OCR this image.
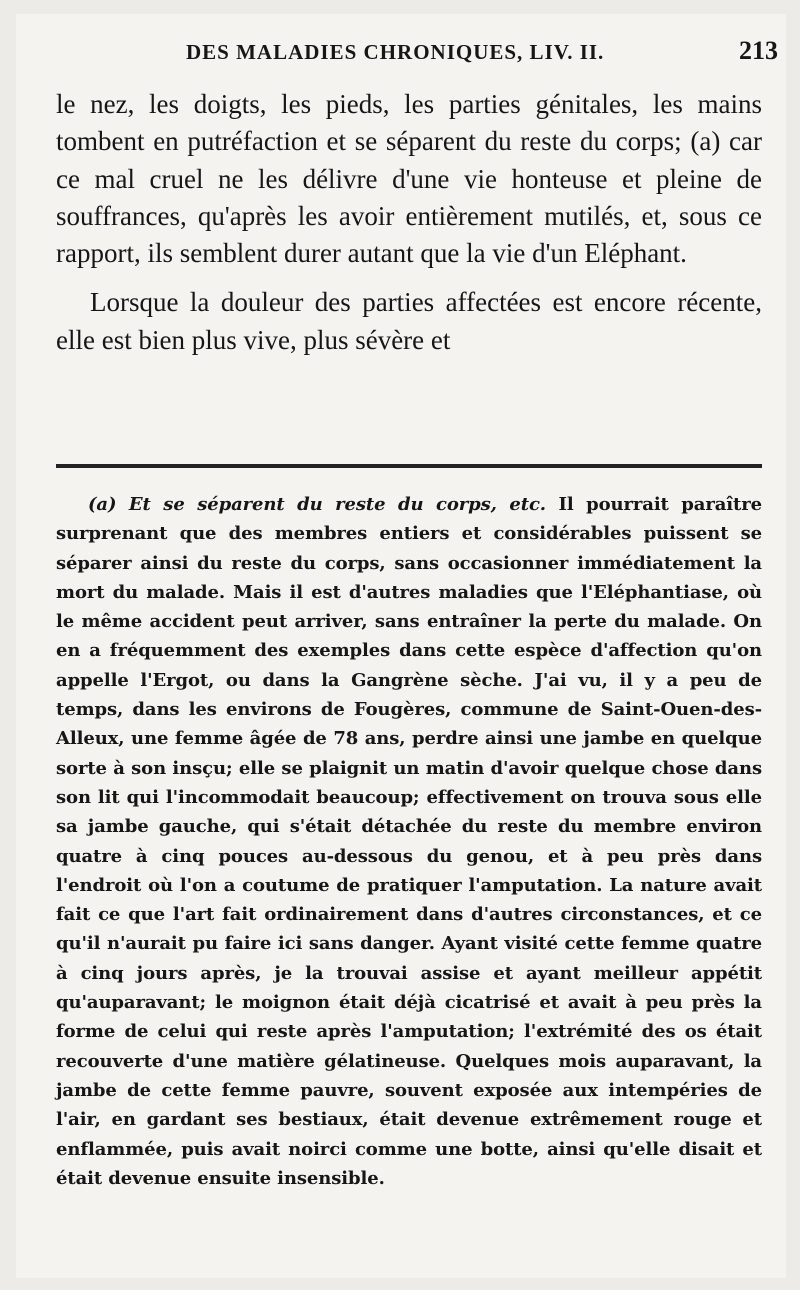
DES MALADIES CHRONIQUES, LIV. II.	213

le nez, les doigts, les pieds, les parties génitales, les mains tombent en putréfaction et se séparent du reste du corps; (a) car ce mal cruel ne les délivre d'une vie honteuse et pleine de souffrances, qu'après les avoir entièrement mutilés, et, sous ce rapport, ils semblent durer autant que la vie d'un Eléphant.

Lorsque la douleur des parties affectées est encore récente, elle est bien plus vive, plus sévère et

(a) Et se séparent du reste du corps, etc. Il pourrait paraître surprenant que des membres entiers et considérables puissent se séparer ainsi du reste du corps, sans occasionner immédiatement la mort du malade. Mais il est d'autres maladies que l'Eléphantiase, où le même accident peut arriver, sans entraîner la perte du malade. On en a fréquemment des exemples dans cette espèce d'affection qu'on appelle l'Ergot, ou dans la Gangrène sèche. J'ai vu, il y a peu de temps, dans les environs de Fougères, commune de Saint-Ouen-des-Alleux, une femme âgée de 78 ans, perdre ainsi une jambe en quelque sorte à son insçu; elle se plaignit un matin d'avoir quelque chose dans son lit qui l'incommodait beaucoup; effectivement on trouva sous elle sa jambe gauche, qui s'était détachée du reste du membre environ quatre à cinq pouces au-dessous du genou, et à peu près dans l'endroit où l'on a coutume de pratiquer l'amputation. La nature avait fait ce que l'art fait ordinairement dans d'autres circonstances, et ce qu'il n'aurait pu faire ici sans danger. Ayant visité cette femme quatre à cinq jours après, je la trouvai assise et ayant meilleur appétit qu'auparavant; le moignon était déjà cicatrisé et avait à peu près la forme de celui qui reste après l'amputation; l'extrémité des os était recouverte d'une matière gélatineuse. Quelques mois auparavant, la jambe de cette femme pauvre, souvent exposée aux intempéries de l'air, en gardant ses bestiaux, était devenue extrêmement rouge et enflammée, puis avait noirci comme une botte, ainsi qu'elle disait et était devenue ensuite insensible.
